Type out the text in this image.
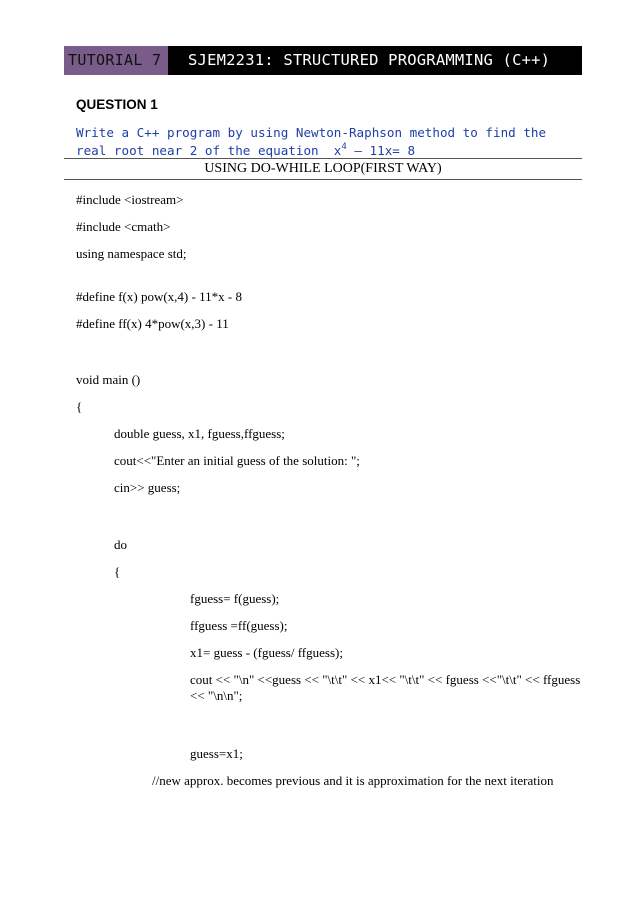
TUTORIAL 7	SJEM2231: STRUCTURED PROGRAMMING (C++)
QUESTION 1
Write a C++ program by using Newton-Raphson method to find the
real root near 2 of the equation  $x^4 - 11x= 8$
USING DO-WHILE LOOP(FIRST WAY)
#include <iostream>
#include <cmath>
using namespace std;
#define f(x) pow(x,4) - 11*x - 8
#define ff(x) 4*pow(x,3) - 11
void main ()
{
double guess, x1, fguess,ffguess;
cout<<"Enter an initial guess of the solution: ";
cin>> guess;
do
{
fguess= f(guess);
ffguess =ff(guess);
x1= guess - (fguess/ ffguess);
cout << "\n" <<guess << "\t\t" << x1<< "\t\t" << fguess <<"\t\t" << ffguess << "\n\n";
guess=x1;
//new approx. becomes previous and it is approximation for the next iteration
